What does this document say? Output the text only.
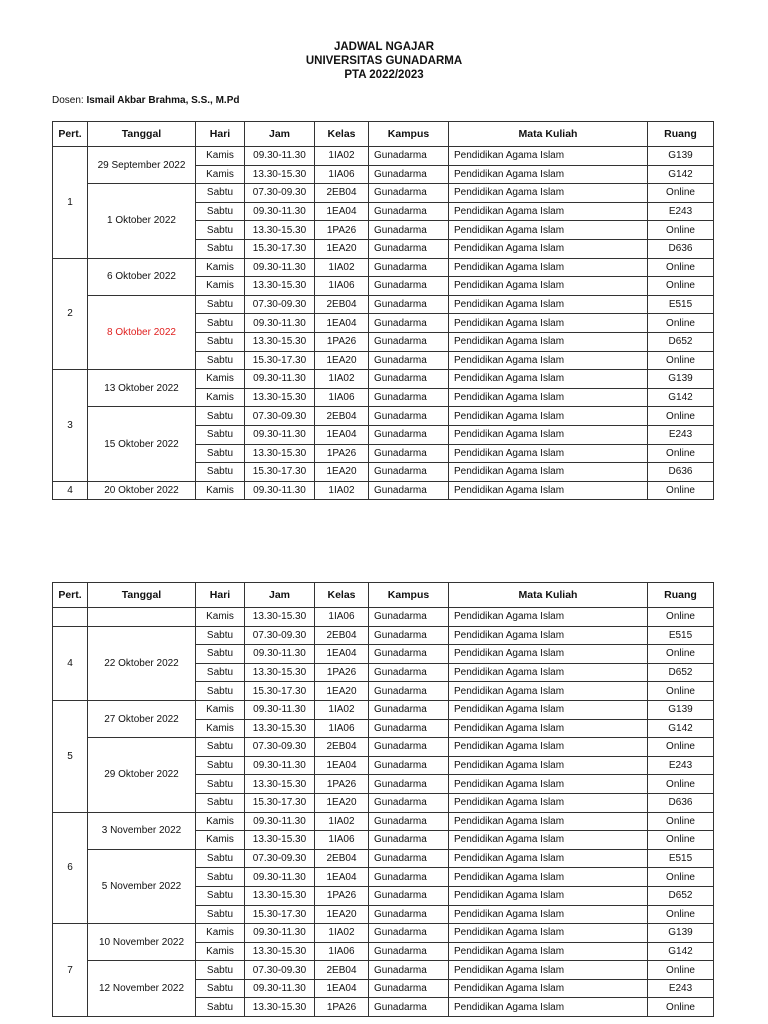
JADWAL NGAJAR
UNIVERSITAS GUNADARMA
PTA 2022/2023
Dosen: Ismail Akbar Brahma, S.S., M.Pd
Pert.	Tanggal	Hari	Jam	Kelas	Kampus	Mata Kuliah	Ruang
1	29 September 2022	Kamis	09.30-11.30	1IA02	Gunadarma	Pendidikan Agama Islam	G139
		Kamis	13.30-15.30	1IA06	Gunadarma	Pendidikan Agama Islam	G142
	1 Oktober 2022	Sabtu	07.30-09.30	2EB04	Gunadarma	Pendidikan Agama Islam	Online
		Sabtu	09.30-11.30	1EA04	Gunadarma	Pendidikan Agama Islam	E243
		Sabtu	13.30-15.30	1PA26	Gunadarma	Pendidikan Agama Islam	Online
		Sabtu	15.30-17.30	1EA20	Gunadarma	Pendidikan Agama Islam	D636
2	6 Oktober 2022	Kamis	09.30-11.30	1IA02	Gunadarma	Pendidikan Agama Islam	Online
		Kamis	13.30-15.30	1IA06	Gunadarma	Pendidikan Agama Islam	Online
	8 Oktober 2022	Sabtu	07.30-09.30	2EB04	Gunadarma	Pendidikan Agama Islam	E515
		Sabtu	09.30-11.30	1EA04	Gunadarma	Pendidikan Agama Islam	Online
		Sabtu	13.30-15.30	1PA26	Gunadarma	Pendidikan Agama Islam	D652
		Sabtu	15.30-17.30	1EA20	Gunadarma	Pendidikan Agama Islam	Online
3	13 Oktober 2022	Kamis	09.30-11.30	1IA02	Gunadarma	Pendidikan Agama Islam	G139
		Kamis	13.30-15.30	1IA06	Gunadarma	Pendidikan Agama Islam	G142
	15 Oktober 2022	Sabtu	07.30-09.30	2EB04	Gunadarma	Pendidikan Agama Islam	Online
		Sabtu	09.30-11.30	1EA04	Gunadarma	Pendidikan Agama Islam	E243
		Sabtu	13.30-15.30	1PA26	Gunadarma	Pendidikan Agama Islam	Online
		Sabtu	15.30-17.30	1EA20	Gunadarma	Pendidikan Agama Islam	D636
4	20 Oktober 2022	Kamis	09.30-11.30	1IA02	Gunadarma	Pendidikan Agama Islam	Online
Pert.	Tanggal	Hari	Jam	Kelas	Kampus	Mata Kuliah	Ruang
		Kamis	13.30-15.30	1IA06	Gunadarma	Pendidikan Agama Islam	Online
4	22 Oktober 2022	Sabtu	07.30-09.30	2EB04	Gunadarma	Pendidikan Agama Islam	E515
		Sabtu	09.30-11.30	1EA04	Gunadarma	Pendidikan Agama Islam	Online
		Sabtu	13.30-15.30	1PA26	Gunadarma	Pendidikan Agama Islam	D652
		Sabtu	15.30-17.30	1EA20	Gunadarma	Pendidikan Agama Islam	Online
5	27 Oktober 2022	Kamis	09.30-11.30	1IA02	Gunadarma	Pendidikan Agama Islam	G139
		Kamis	13.30-15.30	1IA06	Gunadarma	Pendidikan Agama Islam	G142
	29 Oktober 2022	Sabtu	07.30-09.30	2EB04	Gunadarma	Pendidikan Agama Islam	Online
		Sabtu	09.30-11.30	1EA04	Gunadarma	Pendidikan Agama Islam	E243
		Sabtu	13.30-15.30	1PA26	Gunadarma	Pendidikan Agama Islam	Online
		Sabtu	15.30-17.30	1EA20	Gunadarma	Pendidikan Agama Islam	D636
6	3 November 2022	Kamis	09.30-11.30	1IA02	Gunadarma	Pendidikan Agama Islam	Online
		Kamis	13.30-15.30	1IA06	Gunadarma	Pendidikan Agama Islam	Online
	5 November 2022	Sabtu	07.30-09.30	2EB04	Gunadarma	Pendidikan Agama Islam	E515
		Sabtu	09.30-11.30	1EA04	Gunadarma	Pendidikan Agama Islam	Online
		Sabtu	13.30-15.30	1PA26	Gunadarma	Pendidikan Agama Islam	D652
		Sabtu	15.30-17.30	1EA20	Gunadarma	Pendidikan Agama Islam	Online
7	10 November 2022	Kamis	09.30-11.30	1IA02	Gunadarma	Pendidikan Agama Islam	G139
		Kamis	13.30-15.30	1IA06	Gunadarma	Pendidikan Agama Islam	G142
	12 November 2022	Sabtu	07.30-09.30	2EB04	Gunadarma	Pendidikan Agama Islam	Online
		Sabtu	09.30-11.30	1EA04	Gunadarma	Pendidikan Agama Islam	E243
		Sabtu	13.30-15.30	1PA26	Gunadarma	Pendidikan Agama Islam	Online
